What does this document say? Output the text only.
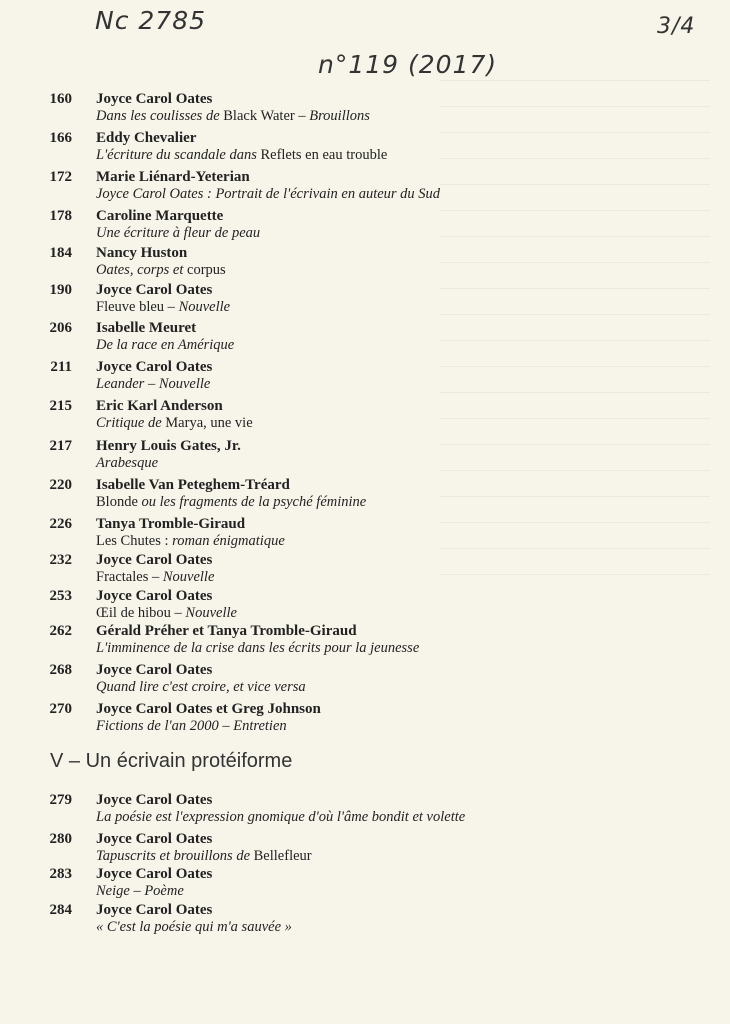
Nc 2785	3/4
n°119 (2017)
160 Joyce Carol Oates
Dans les coulisses de Black Water – Brouillons
166 Eddy Chevalier
L'écriture du scandale dans Reflets en eau trouble
172 Marie Liénard-Yeterian
Joyce Carol Oates : Portrait de l'écrivain en auteur du Sud
178 Caroline Marquette
Une écriture à fleur de peau
184 Nancy Huston
Oates, corps et corpus
190 Joyce Carol Oates
Fleuve bleu – Nouvelle
206 Isabelle Meuret
De la race en Amérique
211 Joyce Carol Oates
Leander – Nouvelle
215 Eric Karl Anderson
Critique de Marya, une vie
217 Henry Louis Gates, Jr.
Arabesque
220 Isabelle Van Peteghem-Tréard
Blonde ou les fragments de la psyché féminine
226 Tanya Tromble-Giraud
Les Chutes : roman énigmatique
232 Joyce Carol Oates
Fractales – Nouvelle
253 Joyce Carol Oates
Œil de hibou – Nouvelle
262 Gérald Préher et Tanya Tromble-Giraud
L'imminence de la crise dans les écrits pour la jeunesse
268 Joyce Carol Oates
Quand lire c'est croire, et vice versa
270 Joyce Carol Oates et Greg Johnson
Fictions de l'an 2000 – Entretien
V – Un écrivain protéiforme
279 Joyce Carol Oates
La poésie est l'expression gnomique d'où l'âme bondit et volette
280 Joyce Carol Oates
Tapuscrits et brouillons de Bellefleur
283 Joyce Carol Oates
Neige – Poème
284 Joyce Carol Oates
« C'est la poésie qui m'a sauvée »
